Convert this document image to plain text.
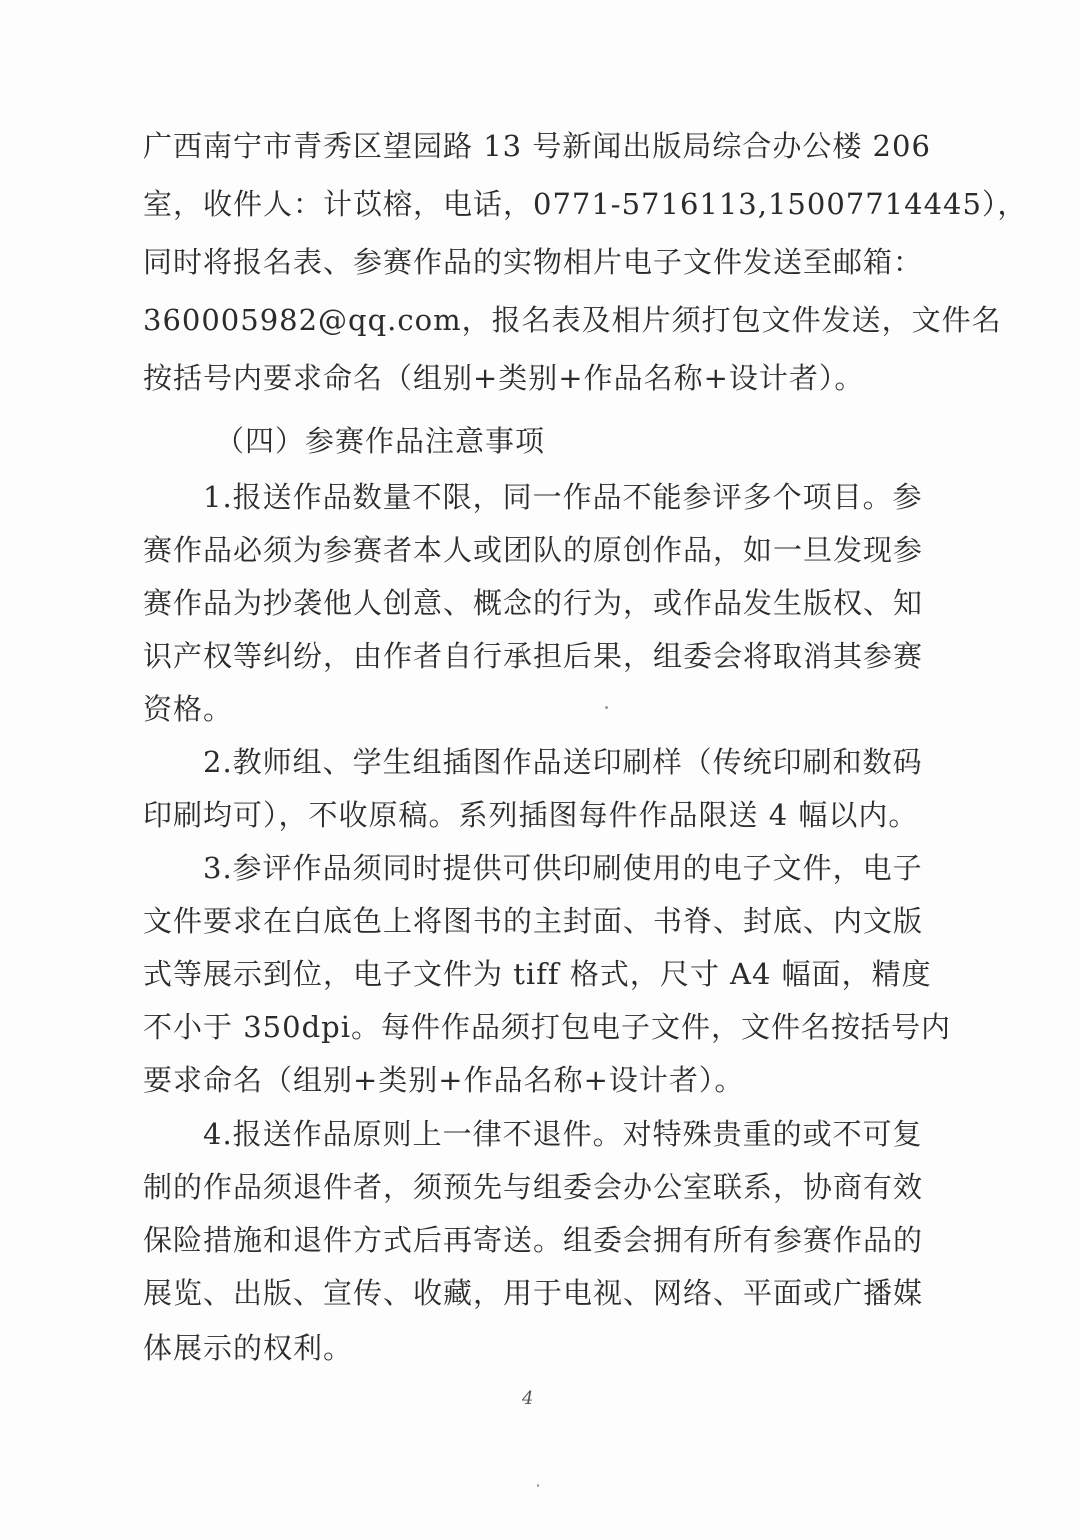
广西南宁市青秀区望园路 13 号新闻出版局综合办公楼 206
室，收件人：计苡榕，电话，0771-5716113,15007714445），
同时将报名表、参赛作品的实物相片电子文件发送至邮箱：
360005982@qq.com，报名表及相片须打包文件发送，文件名
按括号内要求命名（组别+类别+作品名称+设计者）。
（四）参赛作品注意事项
1.报送作品数量不限，同一作品不能参评多个项目。参
赛作品必须为参赛者本人或团队的原创作品，如一旦发现参
赛作品为抄袭他人创意、概念的行为，或作品发生版权、知
识产权等纠纷，由作者自行承担后果，组委会将取消其参赛
资格。
2.教师组、学生组插图作品送印刷样（传统印刷和数码
印刷均可），不收原稿。系列插图每件作品限送 4 幅以内。
3.参评作品须同时提供可供印刷使用的电子文件，电子
文件要求在白底色上将图书的主封面、书脊、封底、内文版
式等展示到位，电子文件为 tiff 格式，尺寸 A4 幅面，精度
不小于 350dpi。每件作品须打包电子文件，文件名按括号内
要求命名（组别+类别+作品名称+设计者）。
4.报送作品原则上一律不退件。对特殊贵重的或不可复
制的作品须退件者，须预先与组委会办公室联系，协商有效
保险措施和退件方式后再寄送。组委会拥有所有参赛作品的
展览、出版、宣传、收藏，用于电视、网络、平面或广播媒
体展示的权利。
4
